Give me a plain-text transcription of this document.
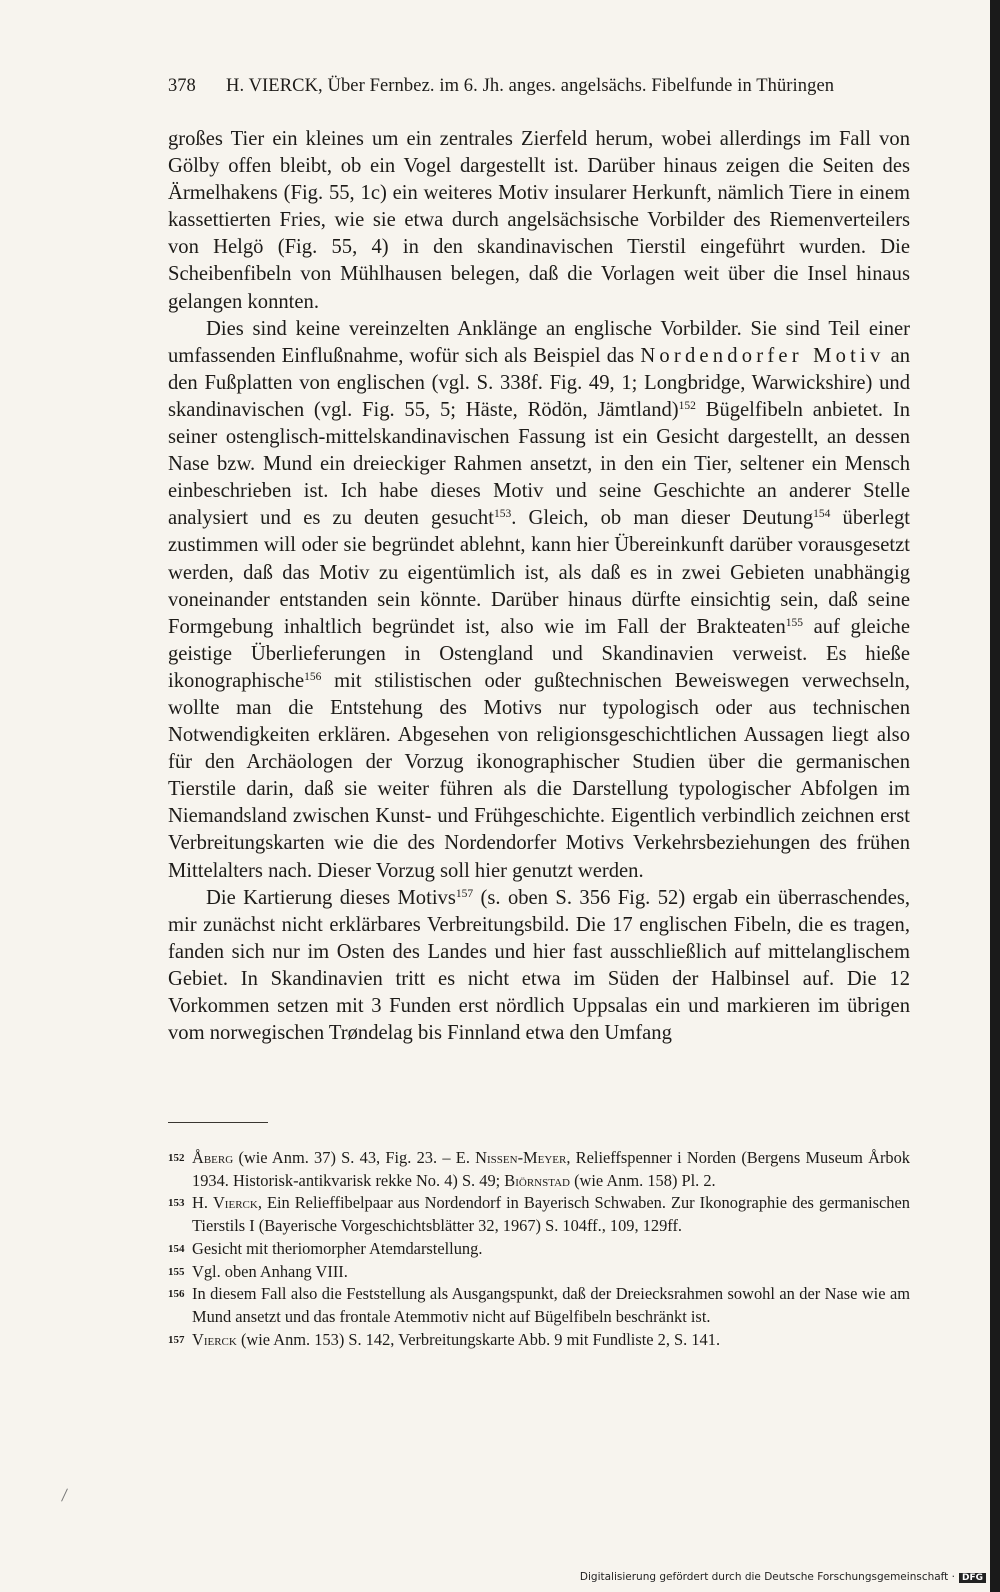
378 H. VIERCK, Über Fernbez. im 6. Jh. anges. angelsächs. Fibelfunde in Thüringen

großes Tier ein kleines um ein zentrales Zierfeld herum, wobei allerdings im Fall von Gölby offen bleibt, ob ein Vogel dargestellt ist. Darüber hinaus zeigen die Seiten des Ärmelhakens (Fig. 55, 1c) ein weiteres Motiv insularer Herkunft, nämlich Tiere in einem kassettierten Fries, wie sie etwa durch angelsächsische Vorbilder des Riemenverteilers von Helgö (Fig. 55, 4) in den skandinavischen Tierstil eingeführt wurden. Die Scheibenfibeln von Mühlhausen belegen, daß die Vorlagen weit über die Insel hinaus gelangen konnten.

Dies sind keine vereinzelten Anklänge an englische Vorbilder. Sie sind Teil einer umfassenden Einflußnahme, wofür sich als Beispiel das Nordendorfer Motiv an den Fußplatten von englischen (vgl. S. 338f. Fig. 49, 1; Longbridge, Warwickshire) und skandinavischen (vgl. Fig. 55, 5; Häste, Rödön, Jämtland)$^{152}$ Bügelfibeln anbietet. In seiner ostenglisch-mittelskandinavischen Fassung ist ein Gesicht dargestellt, an dessen Nase bzw. Mund ein dreieckiger Rahmen ansetzt, in den ein Tier, seltener ein Mensch einbeschrieben ist. Ich habe dieses Motiv und seine Geschichte an anderer Stelle analysiert und es zu deuten gesucht$^{153}$. Gleich, ob man dieser Deutung$^{154}$ überlegt zustimmen will oder sie begründet ablehnt, kann hier Übereinkunft darüber vorausgesetzt werden, daß das Motiv zu eigentümlich ist, als daß es in zwei Gebieten unabhängig voneinander entstanden sein könnte. Darüber hinaus dürfte einsichtig sein, daß seine Formgebung inhaltlich begründet ist, also wie im Fall der Brakteaten$^{155}$ auf gleiche geistige Überlieferungen in Ostengland und Skandinavien verweist. Es hieße ikonographische$^{156}$ mit stilistischen oder gußtechnischen Beweiswegen verwechseln, wollte man die Entstehung des Motivs nur typologisch oder aus technischen Notwendigkeiten erklären. Abgesehen von religionsgeschichtlichen Aussagen liegt also für den Archäologen der Vorzug ikonographischer Studien über die germanischen Tierstile darin, daß sie weiter führen als die Darstellung typologischer Abfolgen im Niemandsland zwischen Kunst- und Frühgeschichte. Eigentlich verbindlich zeichnen erst Verbreitungskarten wie die des Nordendorfer Motivs Verkehrsbeziehungen des frühen Mittelalters nach. Dieser Vorzug soll hier genutzt werden.

Die Kartierung dieses Motivs$^{157}$ (s. oben S. 356 Fig. 52) ergab ein überraschendes, mir zunächst nicht erklärbares Verbreitungsbild. Die 17 englischen Fibeln, die es tragen, fanden sich nur im Osten des Landes und hier fast ausschließlich auf mittelanglischem Gebiet. In Skandinavien tritt es nicht etwa im Süden der Halbinsel auf. Die 12 Vorkommen setzen mit 3 Funden erst nördlich Uppsalas ein und markieren im übrigen vom norwegischen Trøndelag bis Finnland etwa den Umfang

152 Åberg (wie Anm. 37) S. 43, Fig. 23. – E. Nissen-Meyer, Relieffspenner i Norden (Bergens Museum Årbok 1934. Historisk-antikvarisk rekke No. 4) S. 49; Biörnstad (wie Anm. 158) Pl. 2.
153 H. Vierck, Ein Relieffibelpaar aus Nordendorf in Bayerisch Schwaben. Zur Ikonographie des germanischen Tierstils I (Bayerische Vorgeschichtsblätter 32, 1967) S. 104ff., 109, 129ff.
154 Gesicht mit theriomorpher Atemdarstellung.
155 Vgl. oben Anhang VIII.
156 In diesem Fall also die Feststellung als Ausgangspunkt, daß der Dreiecksrahmen sowohl an der Nase wie am Mund ansetzt und das frontale Atemmotiv nicht auf Bügelfibeln beschränkt ist.
157 Vierck (wie Anm. 153) S. 142, Verbreitungskarte Abb. 9 mit Fundliste 2, S. 141.
Digitalisierung gefördert durch die Deutsche Forschungsgemeinschaft · DFG
